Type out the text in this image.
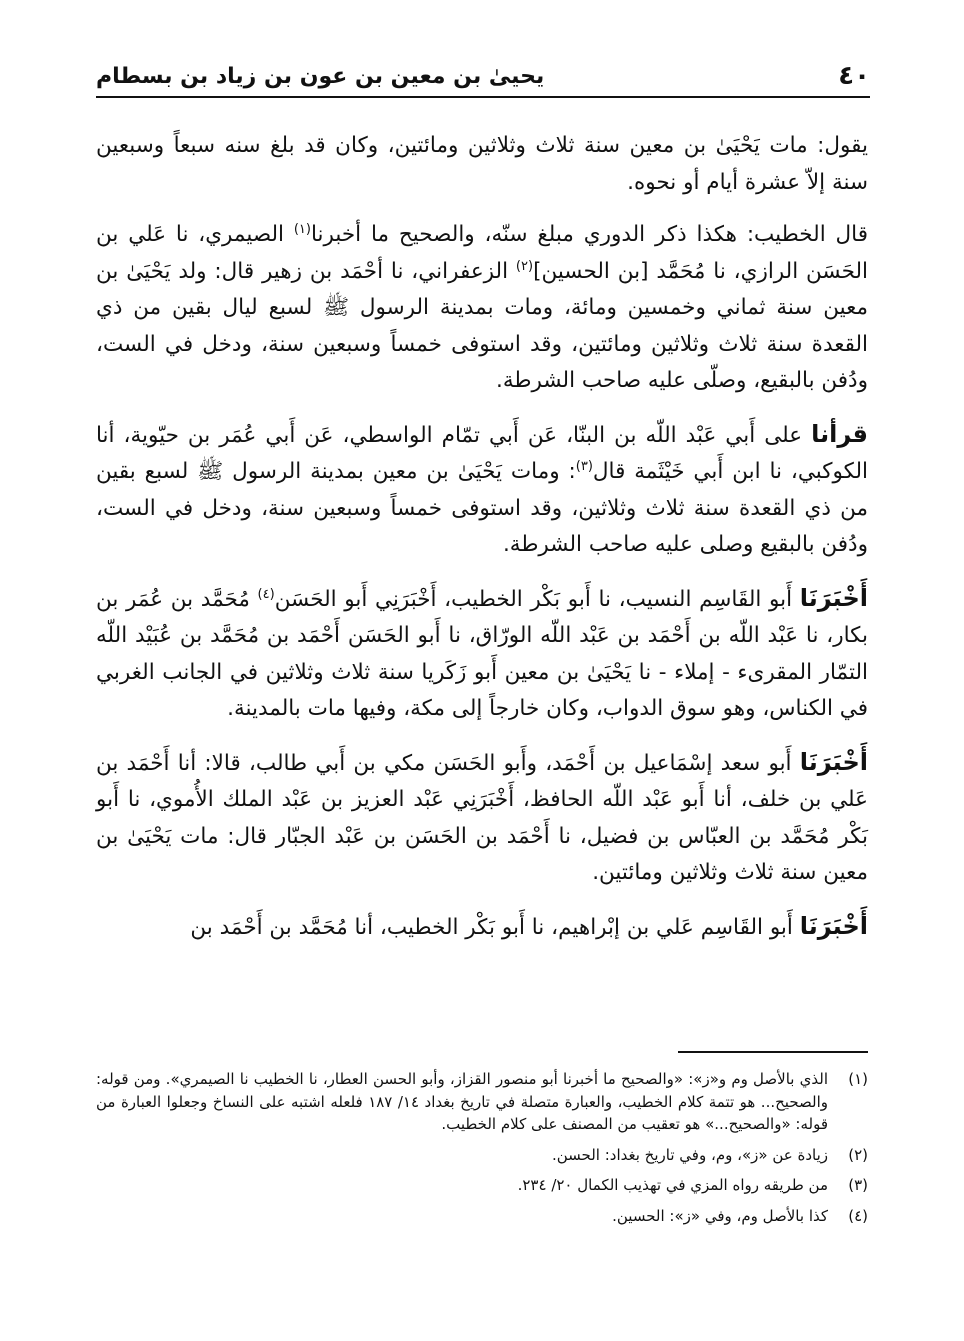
٤٠
يحيىٰ بن معين بن عون بن زياد بن بسطام

يقول: مات يَحْيَىٰ بن معين سنة ثلاث وثلاثين ومائتين، وكان قد بلغ سنه سبعاً وسبعين سنة إلاّ عشرة أيام أو نحوه.

قال الخطيب: هكذا ذكر الدوري مبلغ سنّه، والصحيح ما أخبرنا$^{(١)}$ الصيمري، نا عَلي بن الحَسَن الرازي، نا مُحَمَّد [بن الحسين]$^{(٢)}$ الزعفراني، نا أحْمَد بن زهير قال: ولد يَحْيَىٰ بن معين سنة ثماني وخمسين ومائة، ومات بمدينة الرسول ﷺ لسبع ليال بقين من ذي القعدة سنة ثلاث وثلاثين ومائتين، وقد استوفى خمساً وسبعين سنة، ودخل في الست، ودُفن بالبقيع، وصلّى عليه صاحب الشرطة.

قرأنا على أَبي عَبْد اللّه بن البنّا، عَن أَبي تمّام الواسطي، عَن أَبي عُمَر بن حيّوية، أنا الكوكبي، نا ابن أَبي خَيْثَمة قال$^{(٣)}$: ومات يَحْيَىٰ بن معين بمدينة الرسول ﷺ لسبع بقين من ذي القعدة سنة ثلاث وثلاثين، وقد استوفى خمساً وسبعين سنة، ودخل في الست، ودُفن بالبقيع وصلى عليه صاحب الشرطة.

أَخْبَرَنَا أَبو القَاسِم النسيب، نا أَبو بَكْر الخطيب، أَخْبَرَنِي أَبو الحَسَن$^{(٤)}$ مُحَمَّد بن عُمَر بن بكار، نا عَبْد اللّه بن أَحْمَد بن عَبْد اللّه الورّاق، نا أَبو الحَسَن أَحْمَد بن مُحَمَّد بن عُبَيْد اللّه التمّار المقرىء - إملاء - نا يَحْيَىٰ بن معين أَبو زَكَريا سنة ثلاث وثلاثين في الجانب الغربي في الكناس، وهو سوق الدواب، وكان خارجاً إلى مكة، وفيها مات بالمدينة.

أَخْبَرَنَا أَبو سعد إسْمَاعيل بن أَحْمَد، وأَبو الحَسَن مكي بن أَبي طالب، قالا: أنا أَحْمَد بن عَلي بن خلف، أنا أَبو عَبْد اللّه الحافظ، أَخْبَرَنِي عَبْد العزيز بن عَبْد الملك الأُموي، نا أَبو بَكْر مُحَمَّد بن العبّاس بن فضيل، نا أَحْمَد بن الحَسَن بن عَبْد الجبّار قال: مات يَحْيَىٰ بن معين سنة ثلاث وثلاثين ومائتين.

أَخْبَرَنَا أَبو القَاسِم عَلي بن إبْراهيم، نا أَبو بَكْر الخطيب، أنا مُحَمَّد بن أَحْمَد بن

(١)
الذي بالأصل وم و«ز»: «والصحيح ما أخبرنا أبو منصور القزاز، وأبو الحسن العطار، نا الخطيب نا الصيمري». ومن قوله: والصحيح... هو تتمة كلام الخطيب، والعبارة متصلة في تاريخ بغداد ١٤/ ١٨٧ فلعله اشتبه على النساخ وجعلوا العبارة من قوله: «والصحيح...» هو تعقيب من المصنف على كلام الخطيب.
(٢)
زيادة عن «ز»، وم، وفي تاريخ بغداد: الحسن.
(٣)
من طريقه رواه المزي في تهذيب الكمال ٢٠/ ٢٣٤.
(٤)
كذا بالأصل وم، وفي «ز»: الحسين.
